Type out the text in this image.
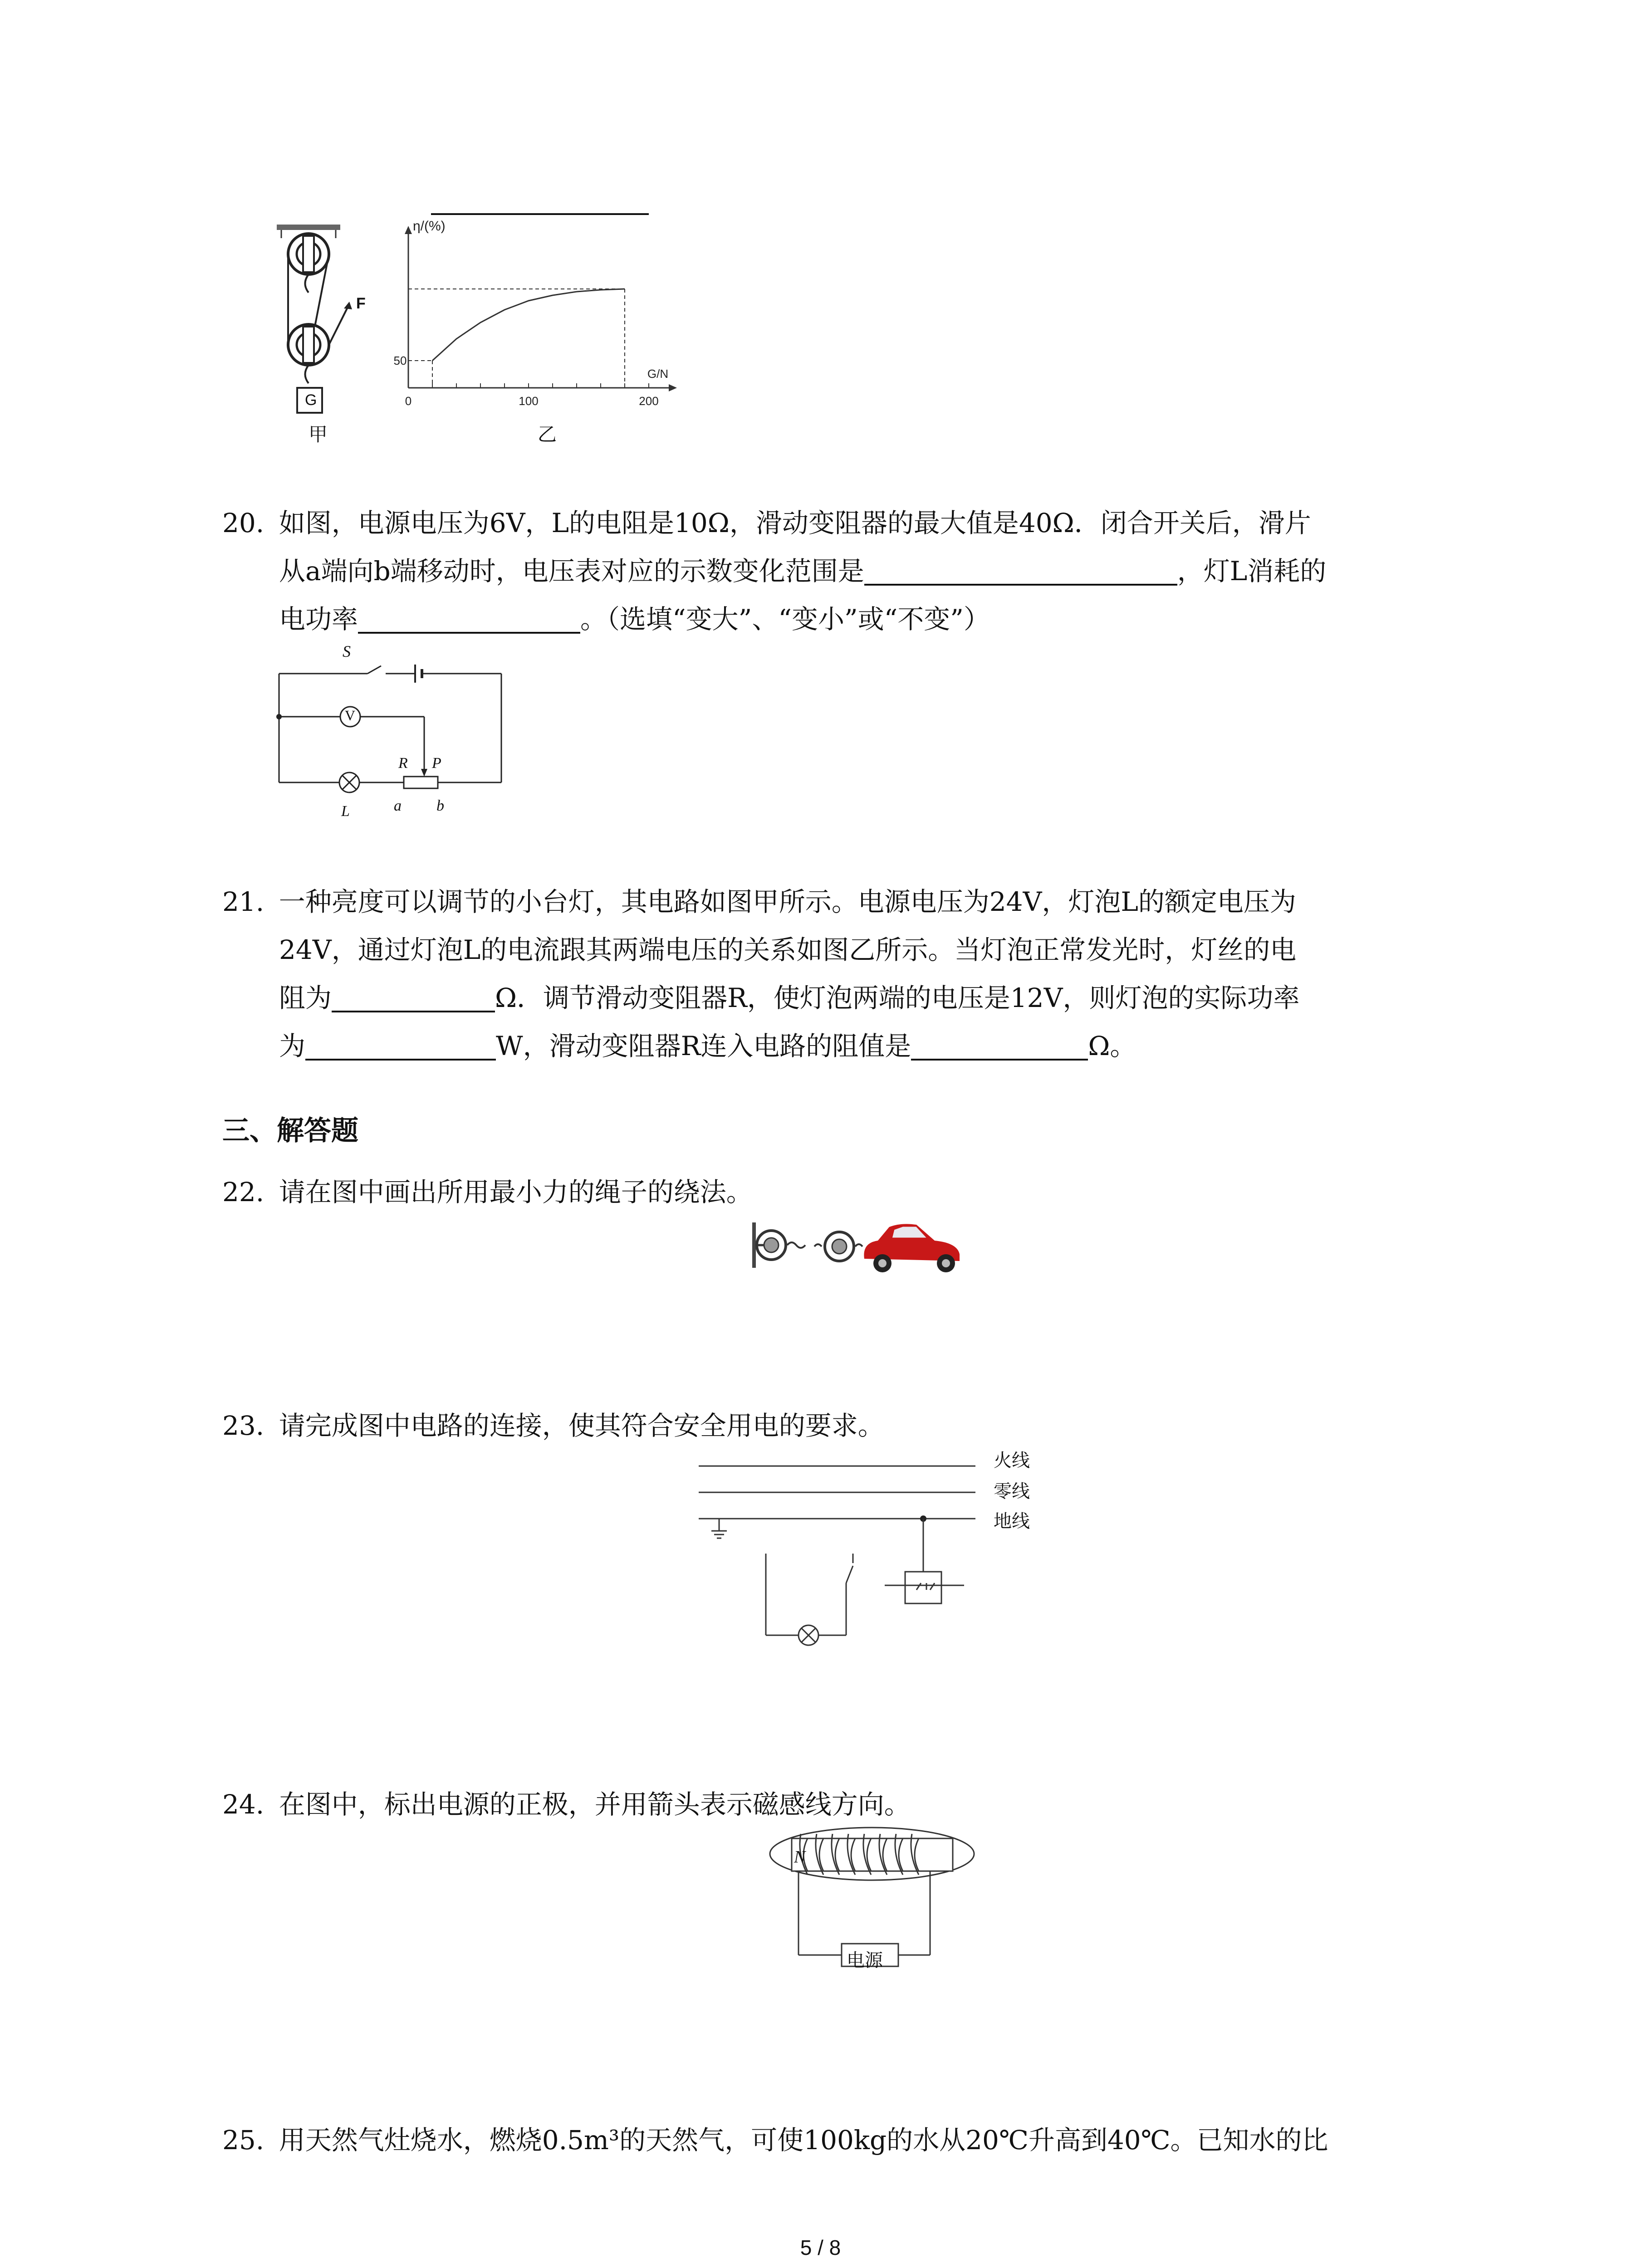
G
F
甲
η/(%)
G/N
0	100	200
50
乙
20. 如图，电源电压为6V，L的电阻是10Ω，滑动变阻器的最大值是40Ω．闭合开关后，滑片
从a端向b端移动时，电压表对应的示数变化范围是	，灯L消耗的
电功率	。（选填“变大”、“变小”或“不变”）
S
V
R P
a b
L
21. 一种亮度可以调节的小台灯，其电路如图甲所示。电源电压为24V，灯泡L的额定电压为
24V，通过灯泡L的电流跟其两端电压的关系如图乙所示。当灯泡正常发光时，灯丝的电
阻为	Ω．调节滑动变阻器R，使灯泡两端的电压是12V，则灯泡的实际功率
为	W，滑动变阻器R连入电路的阻值是	Ω。
三、解答题
22. 请在图中画出所用最小力的绳子的绕法。
23. 请完成图中电路的连接，使其符合安全用电的要求。
火线
零线
地线
24. 在图中，标出电源的正极，并用箭头表示磁感线方向。
N
电源
25. 用天然气灶烧水，燃烧0.5m³的天然气，可使100kg的水从20℃升高到40℃。已知水的比
5 / 8
